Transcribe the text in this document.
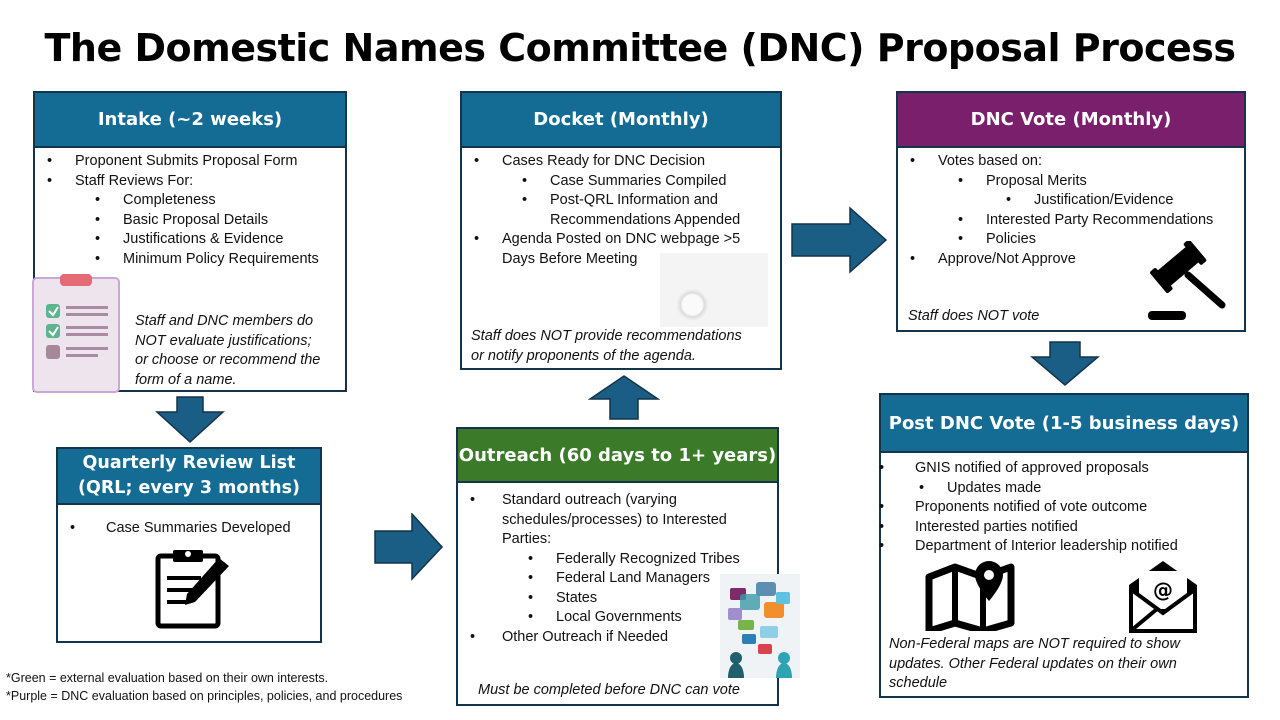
The Domestic Names Committee (DNC) Proposal Process
Intake (~2 weeks)
• Proponent Submits Proposal Form
• Staff Reviews For:
• Completeness
• Basic Proposal Details
• Justifications & Evidence
• Minimum Policy Requirements
Staff and DNC members do
NOT evaluate justifications;
or choose or recommend the
form of a name.
Quarterly Review List
(QRL; every 3 months)
• Case Summaries Developed
Docket (Monthly)
• Cases Ready for DNC Decision
• Case Summaries Compiled
• Post-QRL Information and
Recommendations Appended
• Agenda Posted on DNC webpage >5
Days Before Meeting
Staff does NOT provide recommendations
or notify proponents of the agenda.
Outreach (60 days to 1+ years)
• Standard outreach (varying
schedules/processes) to Interested
Parties:
• Federally Recognized Tribes
• Federal Land Managers
• States
• Local Governments
• Other Outreach if Needed
Must be completed before DNC can vote
DNC Vote (Monthly)
• Votes based on:
• Proposal Merits
• Justification/Evidence
• Interested Party Recommendations
• Policies
• Approve/Not Approve
Staff does NOT vote
Post DNC Vote (1-5 business days)
• GNIS notified of approved proposals
• Updates made
• Proponents notified of vote outcome
• Interested parties notified
• Department of Interior leadership notified
@
Non-Federal maps are NOT required to show
updates. Other Federal updates on their own
schedule
*Green = external evaluation based on their own interests.
*Purple = DNC evaluation based on principles, policies, and procedures
